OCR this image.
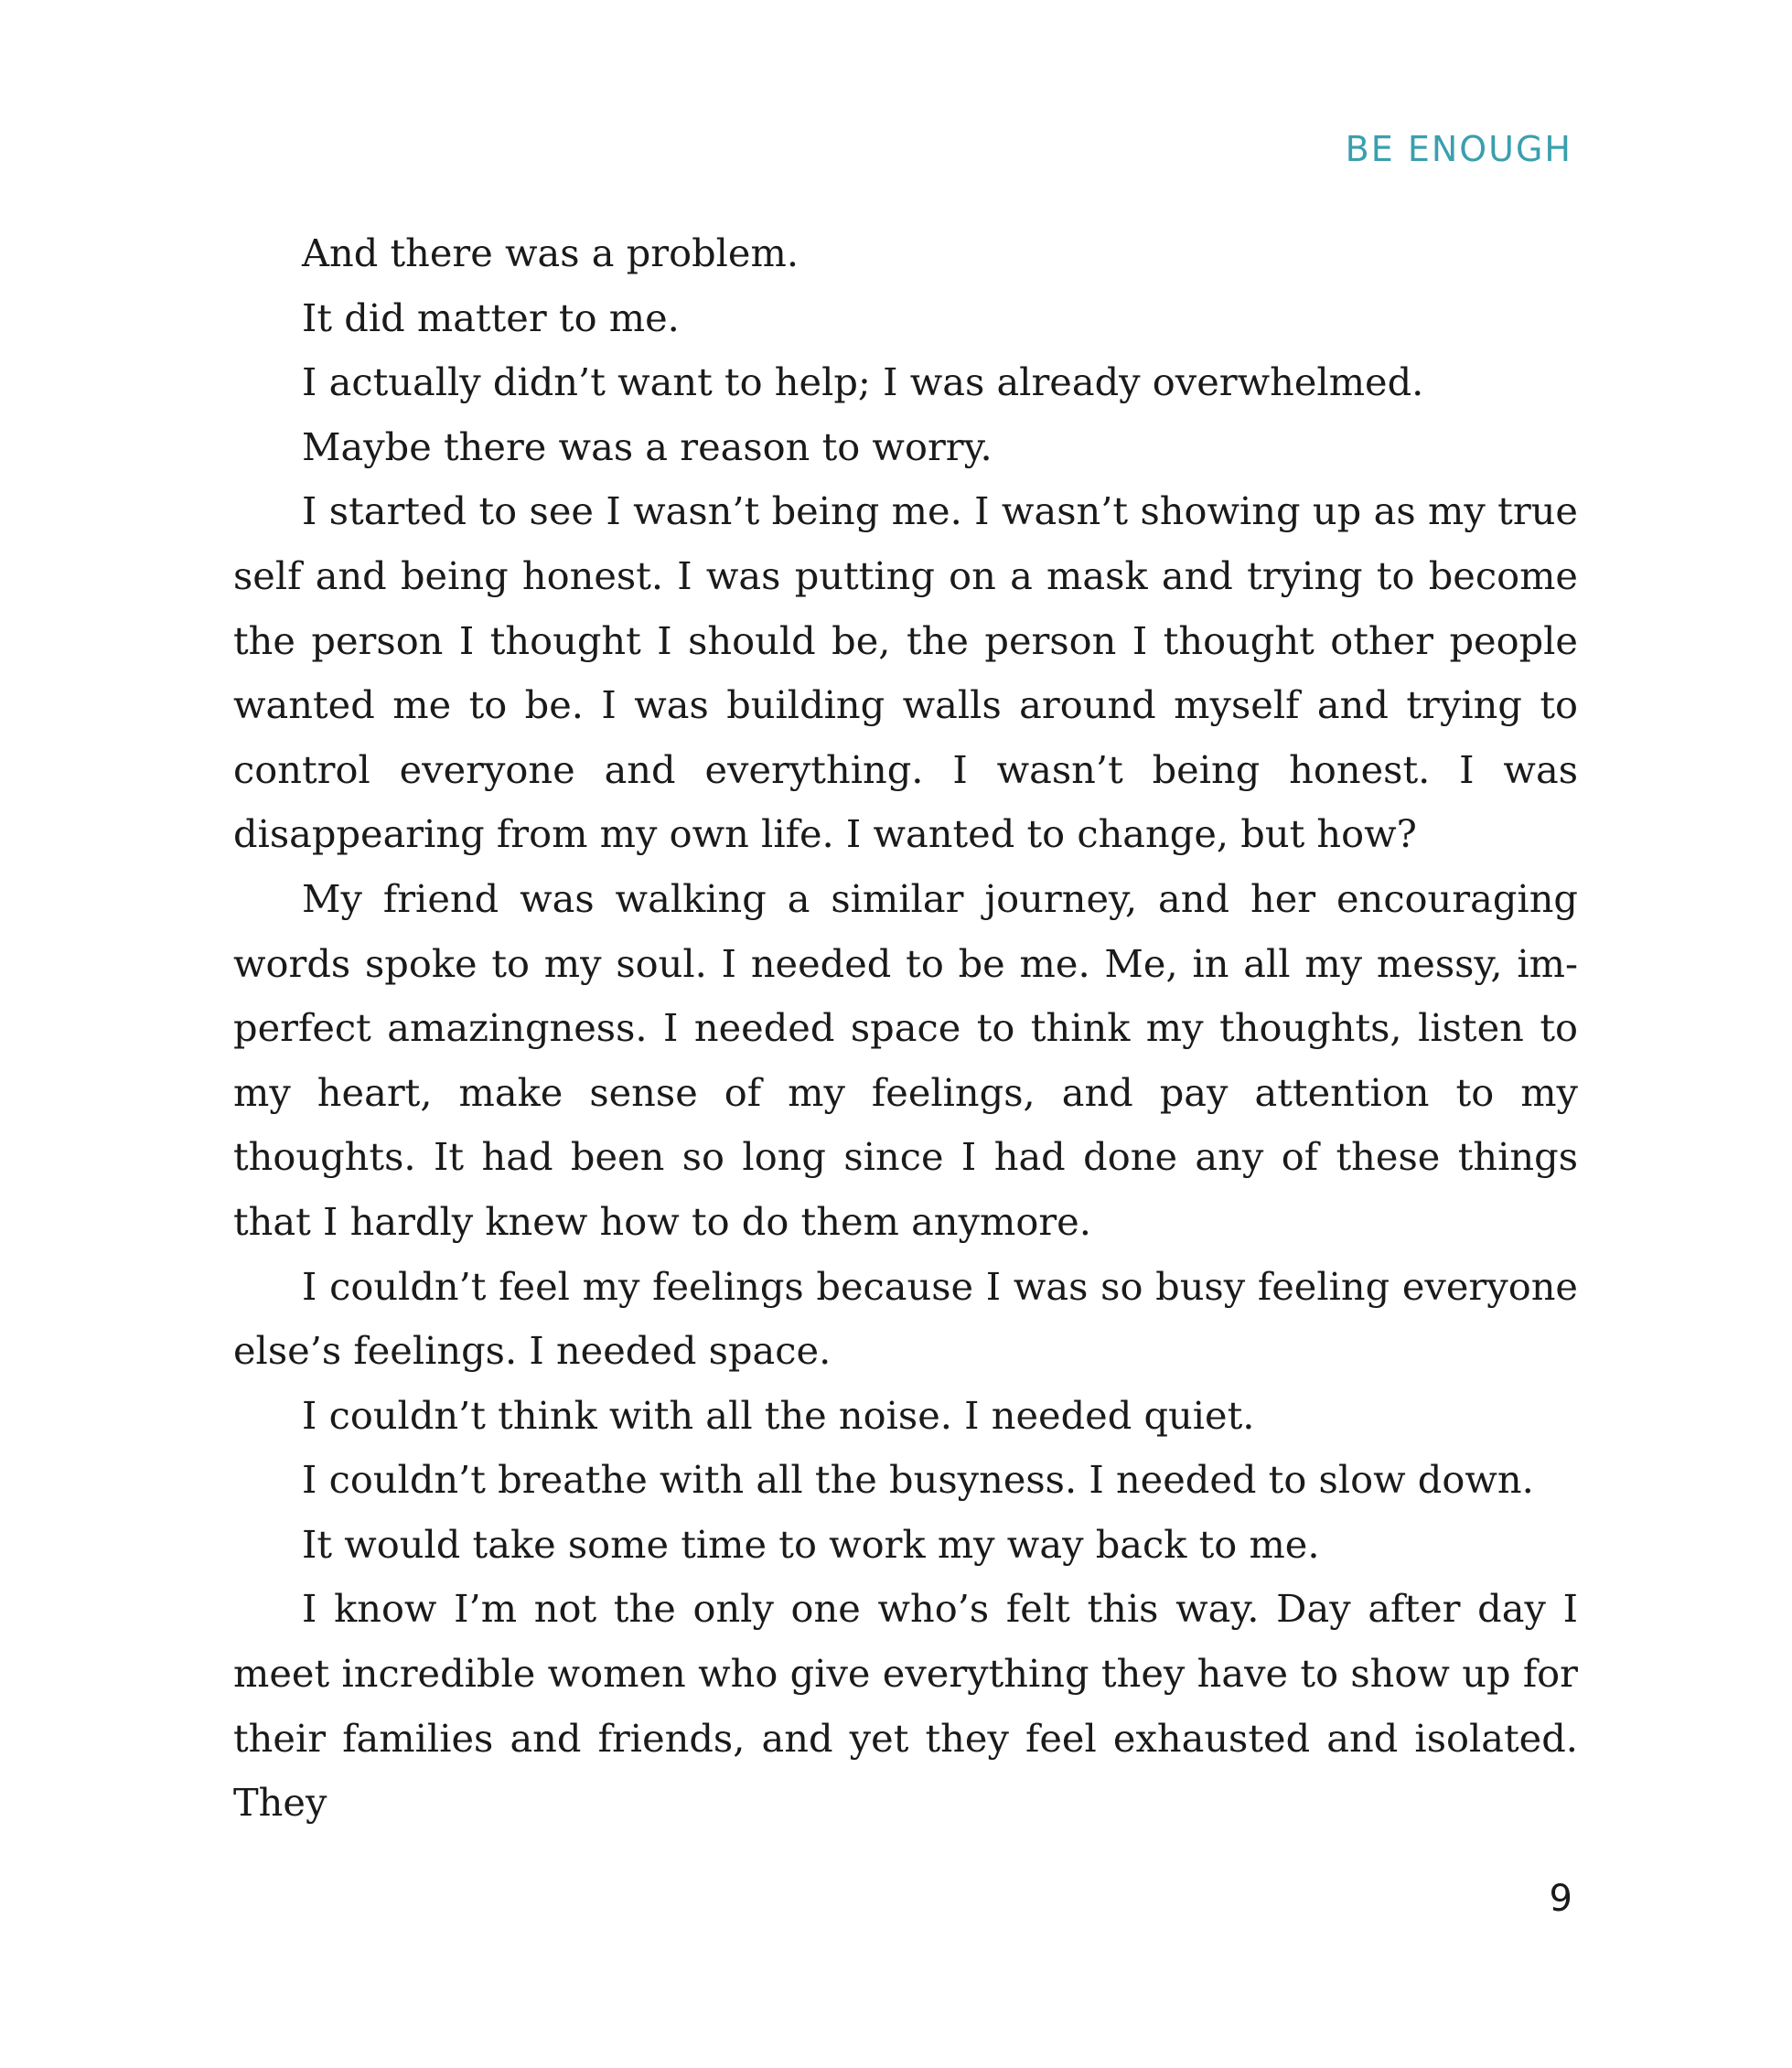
BE ENOUGH

And there was a problem.

It did matter to me.

I actually didn’t want to help; I was already overwhelmed.

Maybe there was a reason to worry.

I started to see I wasn’t being me. I wasn’t showing up as my true self and being honest. I was putting on a mask and trying to become the person I thought I should be, the person I thought other people wanted me to be. I was building walls around myself and trying to control everyone and everything. I wasn’t being honest. I was disappearing from my own life. I wanted to change, but how?

My friend was walking a similar journey, and her encouraging words spoke to my soul. I needed to be me. Me, in all my messy, im-perfect amazingness. I needed space to think my thoughts, listen to my heart, make sense of my feelings, and pay attention to my thoughts. It had been so long since I had done any of these things that I hardly knew how to do them anymore.

I couldn’t feel my feelings because I was so busy feeling everyone else’s feelings. I needed space.

I couldn’t think with all the noise. I needed quiet.

I couldn’t breathe with all the busyness. I needed to slow down.

It would take some time to work my way back to me.

I know I’m not the only one who’s felt this way. Day after day I meet incredible women who give everything they have to show up for their families and friends, and yet they feel exhausted and isolated. They

9
